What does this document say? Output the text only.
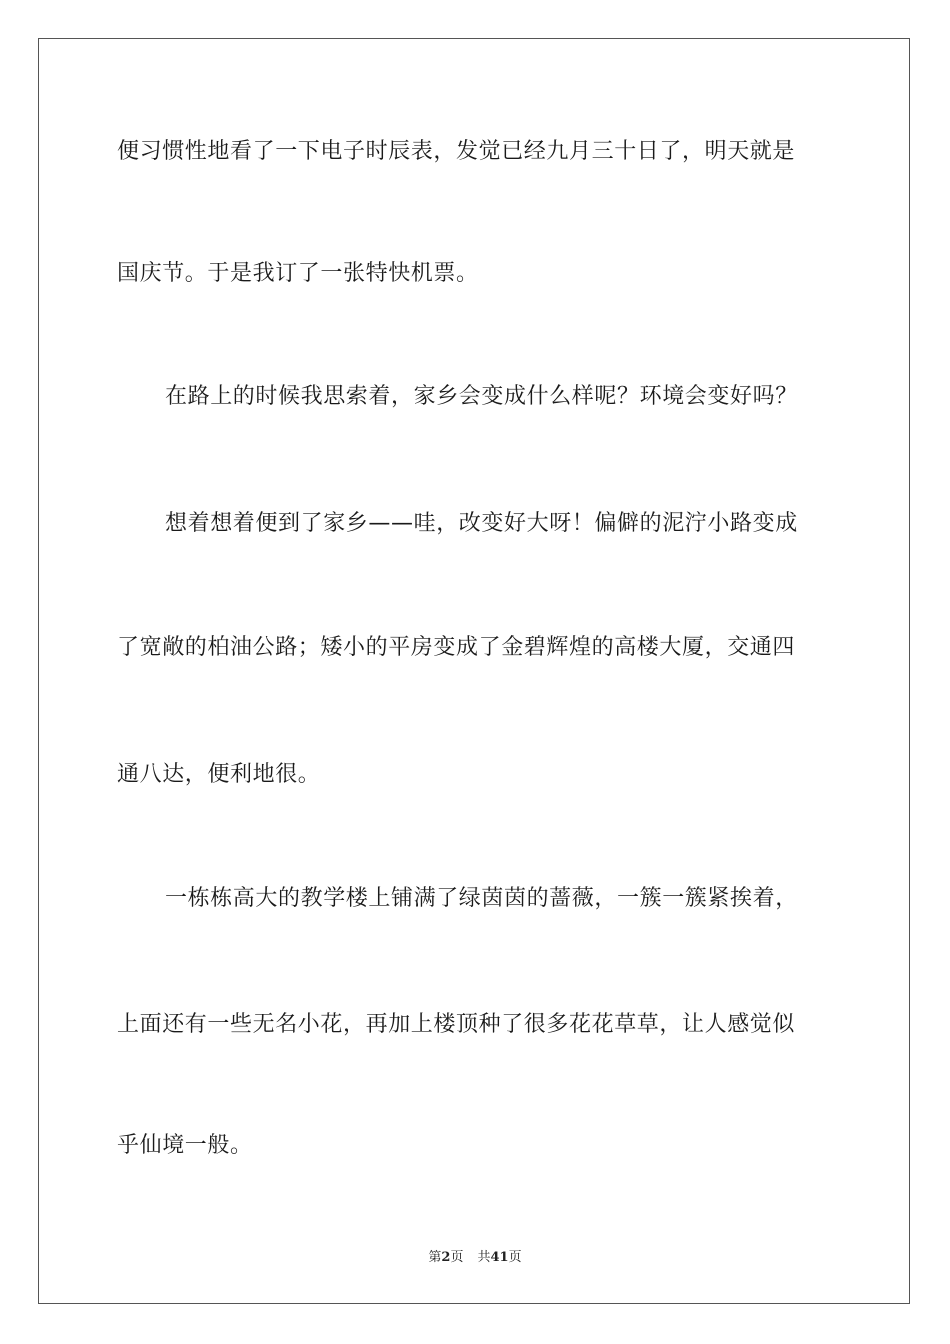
便习惯性地看了一下电子时辰表，发觉已经九月三十日了，明天就是
国庆节。于是我订了一张特快机票。
在路上的时候我思索着，家乡会变成什么样呢？环境会变好吗？
想着想着便到了家乡——哇，改变好大呀！偏僻的泥泞小路变成
了宽敞的柏油公路；矮小的平房变成了金碧辉煌的高楼大厦，交通四
通八达，便利地很。
一栋栋高大的教学楼上铺满了绿茵茵的蔷薇，一簇一簇紧挨着，
上面还有一些无名小花，再加上楼顶种了很多花花草草，让人感觉似
乎仙境一般。
第2页 共41页
